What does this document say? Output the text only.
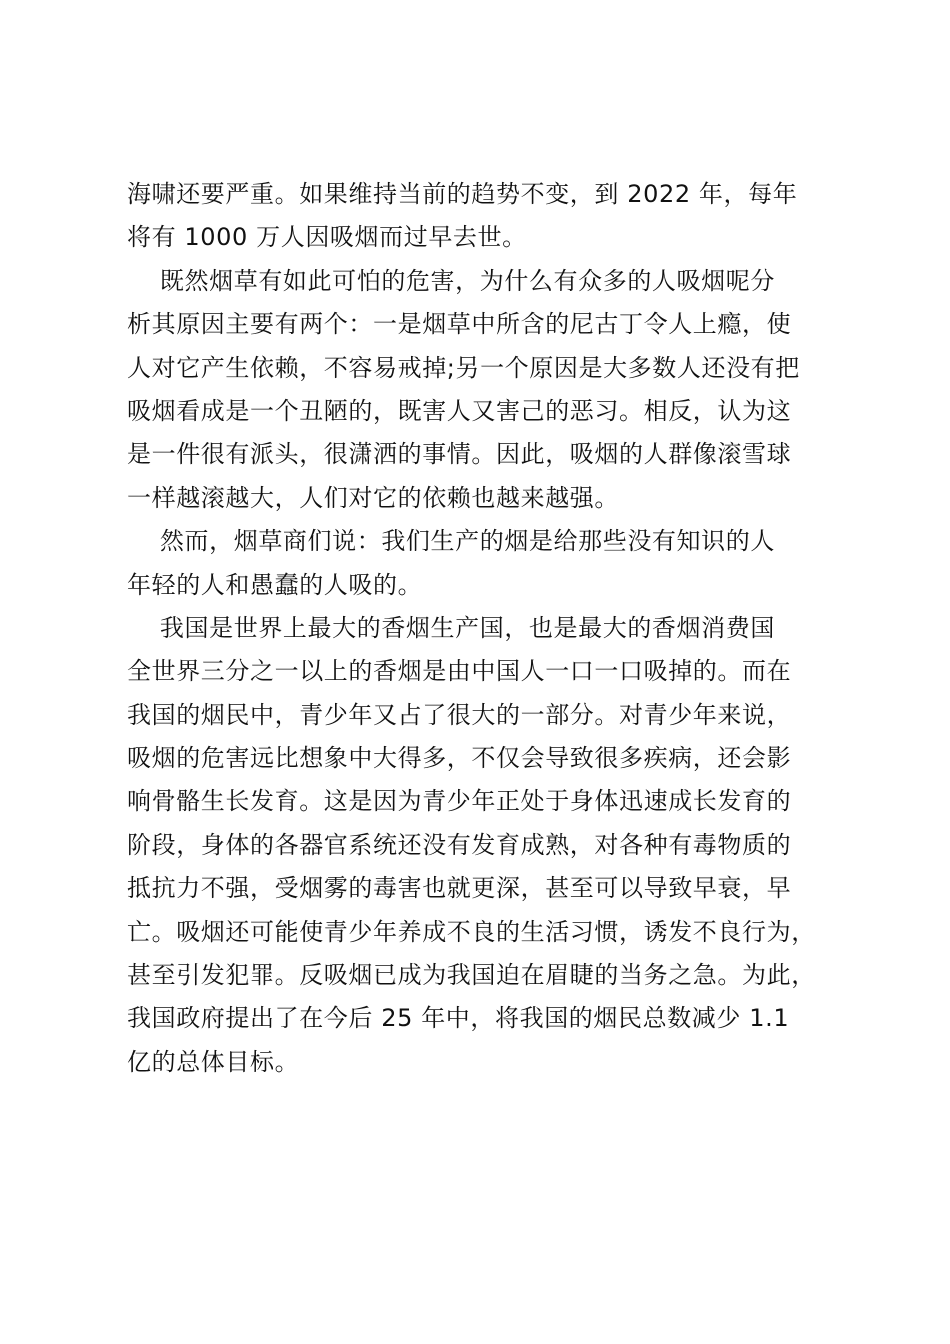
海啸还要严重。如果维持当前的趋势不变，到 2022 年，每年
将有 1000 万人因吸烟而过早去世。
既然烟草有如此可怕的危害，为什么有众多的人吸烟呢分
析其原因主要有两个：一是烟草中所含的尼古丁令人上瘾，使
人对它产生依赖，不容易戒掉;另一个原因是大多数人还没有把
吸烟看成是一个丑陋的，既害人又害己的恶习。相反，认为这
是一件很有派头，很潇洒的事情。因此，吸烟的人群像滚雪球
一样越滚越大，人们对它的依赖也越来越强。
然而，烟草商们说：我们生产的烟是给那些没有知识的人
年轻的人和愚蠢的人吸的。
我国是世界上最大的香烟生产国，也是最大的香烟消费国
全世界三分之一以上的香烟是由中国人一口一口吸掉的。而在
我国的烟民中，青少年又占了很大的一部分。对青少年来说，
吸烟的危害远比想象中大得多，不仅会导致很多疾病，还会影
响骨骼生长发育。这是因为青少年正处于身体迅速成长发育的
阶段，身体的各器官系统还没有发育成熟，对各种有毒物质的
抵抗力不强，受烟雾的毒害也就更深，甚至可以导致早衰，早
亡。吸烟还可能使青少年养成不良的生活习惯，诱发不良行为，
甚至引发犯罪。反吸烟已成为我国迫在眉睫的当务之急。为此，
我国政府提出了在今后 25 年中，将我国的烟民总数减少 1.1
亿的总体目标。
